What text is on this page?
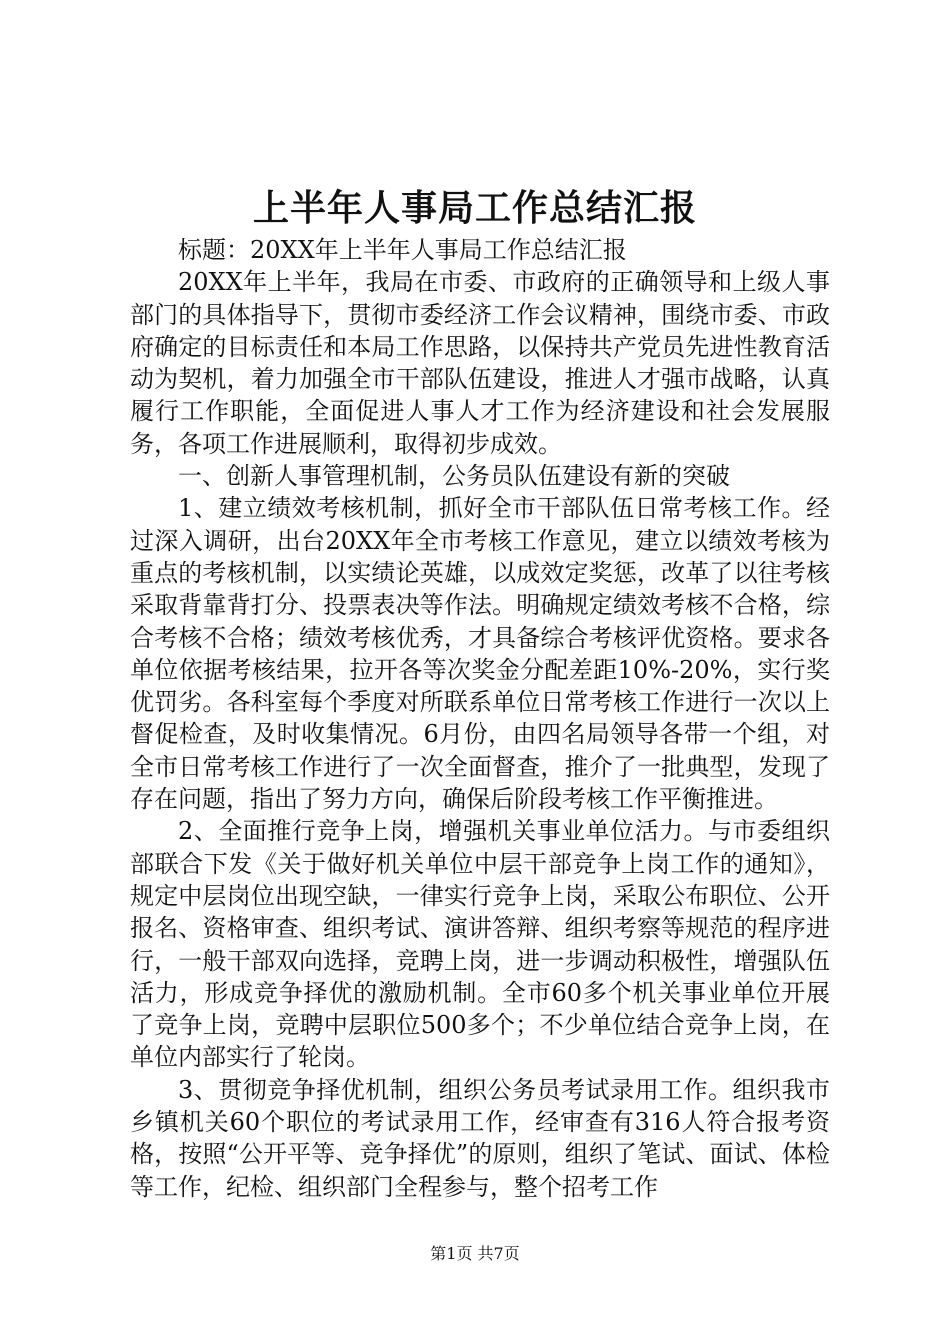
上半年人事局工作总结汇报

标题：20XX年上半年人事局工作总结汇报

20XX年上半年，我局在市委、市政府的正确领导和上级人事部门的具体指导下，贯彻市委经济工作会议精神，围绕市委、市政府确定的目标责任和本局工作思路，以保持共产党员先进性教育活动为契机，着力加强全市干部队伍建设，推进人才强市战略，认真履行工作职能，全面促进人事人才工作为经济建设和社会发展服务，各项工作进展顺利，取得初步成效。

一、创新人事管理机制，公务员队伍建设有新的突破

1、建立绩效考核机制，抓好全市干部队伍日常考核工作。经过深入调研，出台20XX年全市考核工作意见，建立以绩效考核为重点的考核机制，以实绩论英雄，以成效定奖惩，改革了以往考核采取背靠背打分、投票表决等作法。明确规定绩效考核不合格，综合考核不合格；绩效考核优秀，才具备综合考核评优资格。要求各单位依据考核结果，拉开各等次奖金分配差距10%-20%，实行奖优罚劣。各科室每个季度对所联系单位日常考核工作进行一次以上督促检查，及时收集情况。6月份，由四名局领导各带一个组，对全市日常考核工作进行了一次全面督查，推介了一批典型，发现了存在问题，指出了努力方向，确保后阶段考核工作平衡推进。

2、全面推行竞争上岗，增强机关事业单位活力。与市委组织部联合下发《关于做好机关单位中层干部竞争上岗工作的通知》，规定中层岗位出现空缺，一律实行竞争上岗，采取公布职位、公开报名、资格审查、组织考试、演讲答辩、组织考察等规范的程序进行，一般干部双向选择，竞聘上岗，进一步调动积极性，增强队伍活力，形成竞争择优的激励机制。全市60多个机关事业单位开展了竞争上岗，竞聘中层职位500多个；不少单位结合竞争上岗，在单位内部实行了轮岗。

3、贯彻竞争择优机制，组织公务员考试录用工作。组织我市乡镇机关60个职位的考试录用工作，经审查有316人符合报考资格，按照“公开平等、竞争择优”的原则，组织了笔试、面试、体检等工作，纪检、组织部门全程参与，整个招考工作

第1页 共7页
